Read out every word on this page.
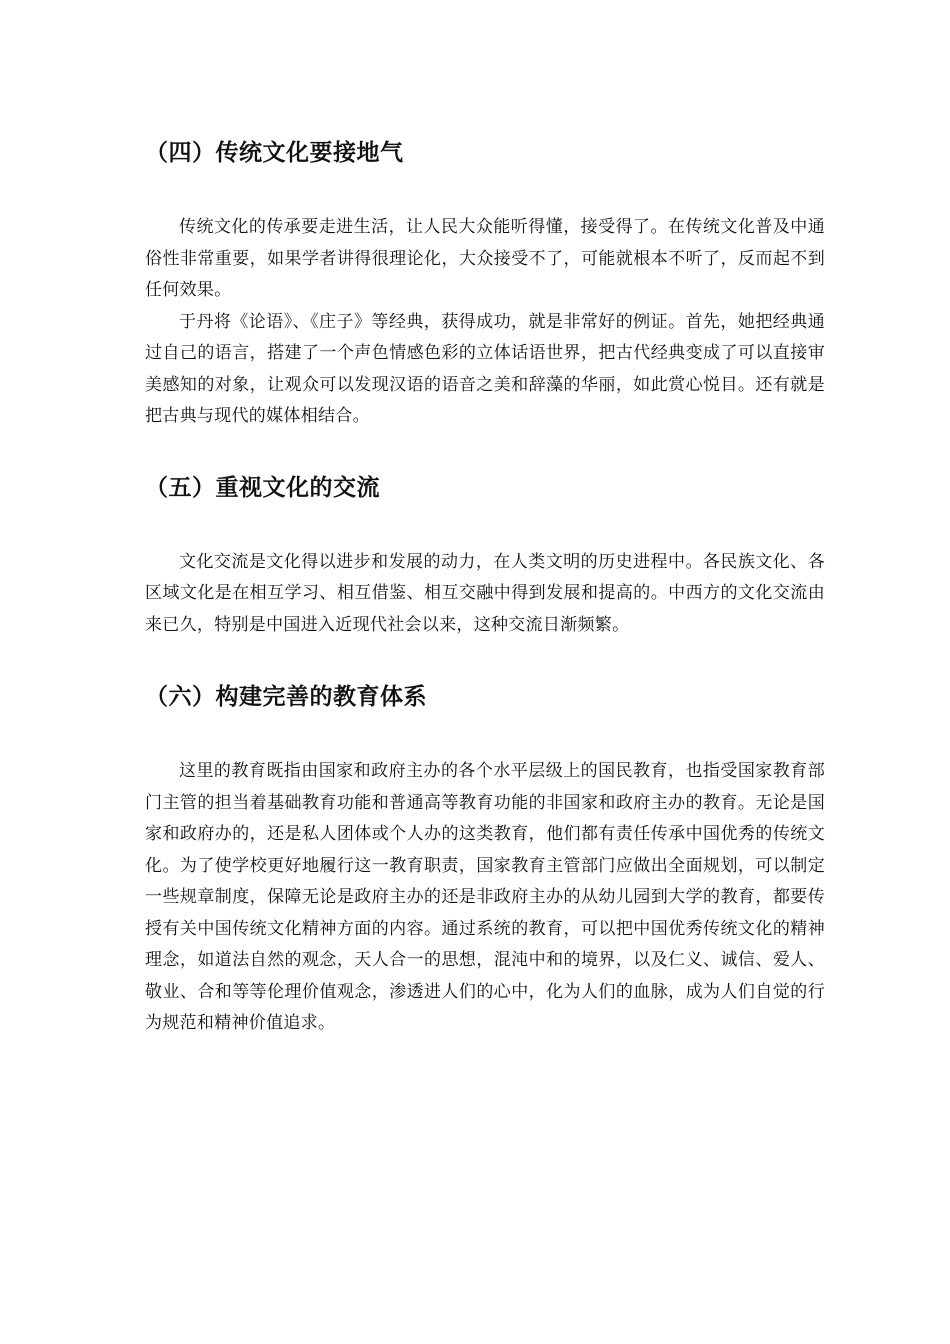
（四）传统文化要接地气

传统文化的传承要走进生活，让人民大众能听得懂，接受得了。在传统文化普及中通俗性非常重要，如果学者讲得很理论化，大众接受不了，可能就根本不听了，反而起不到任何效果。

于丹将《论语》、《庄子》等经典，获得成功，就是非常好的例证。首先，她把经典通过自己的语言，搭建了一个声色情感色彩的立体话语世界，把古代经典变成了可以直接审美感知的对象，让观众可以发现汉语的语音之美和辞藻的华丽，如此赏心悦目。还有就是把古典与现代的媒体相结合。

（五）重视文化的交流

文化交流是文化得以进步和发展的动力，在人类文明的历史进程中。各民族文化、各区域文化是在相互学习、相互借鉴、相互交融中得到发展和提高的。中西方的文化交流由来已久，特别是中国进入近现代社会以来，这种交流日渐频繁。

（六）构建完善的教育体系

这里的教育既指由国家和政府主办的各个水平层级上的国民教育，也指受国家教育部门主管的担当着基础教育功能和普通高等教育功能的非国家和政府主办的教育。无论是国家和政府办的，还是私人团体或个人办的这类教育，他们都有责任传承中国优秀的传统文化。为了使学校更好地履行这一教育职责，国家教育主管部门应做出全面规划，可以制定一些规章制度，保障无论是政府主办的还是非政府主办的从幼儿园到大学的教育，都要传授有关中国传统文化精神方面的内容。通过系统的教育，可以把中国优秀传统文化的精神理念，如道法自然的观念，天人合一的思想，混沌中和的境界，以及仁义、诚信、爱人、敬业、合和等等伦理价值观念，渗透进人们的心中，化为人们的血脉，成为人们自觉的行为规范和精神价值追求。
